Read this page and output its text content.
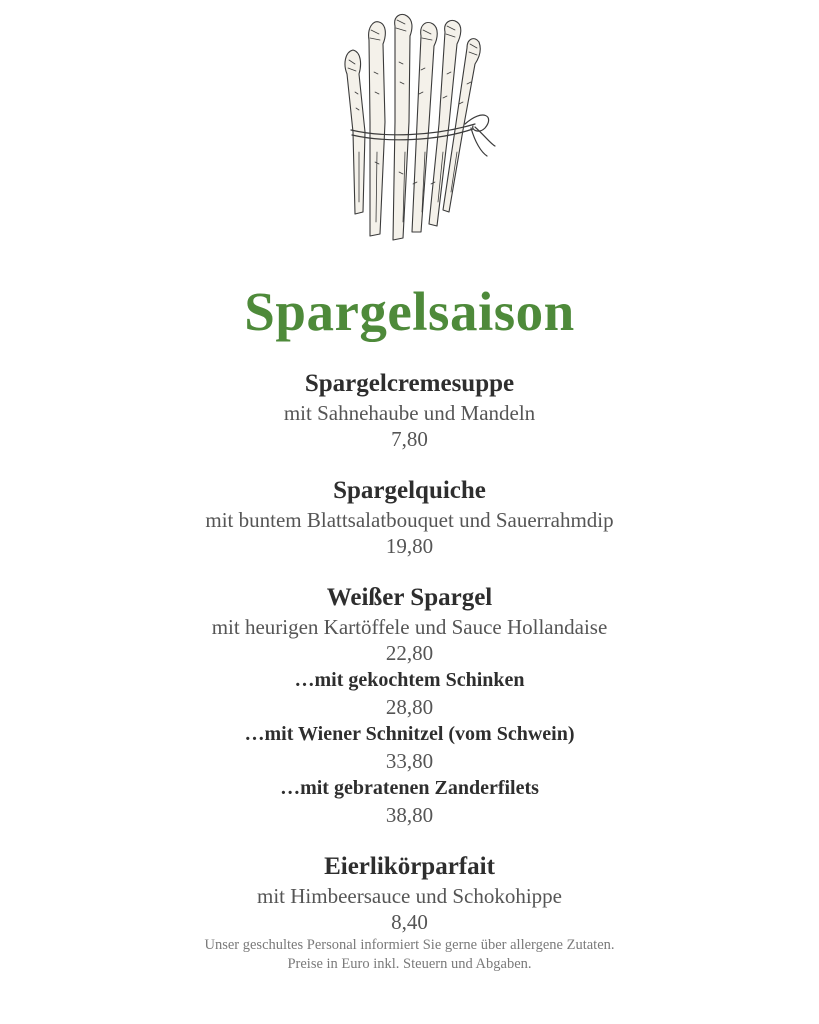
Spargelsaison
Spargelcremesuppe
mit Sahnehaube und Mandeln
7,80
Spargelquiche
mit buntem Blattsalatbouquet und Sauerrahmdip
19,80
Weißer Spargel
mit heurigen Kartöffele und Sauce Hollandaise
22,80
…mit gekochtem Schinken
28,80
…mit Wiener Schnitzel (vom Schwein)
33,80
…mit gebratenen Zanderfilets
38,80
Eierlikörparfait
mit Himbeersauce und Schokohippe
8,40
Unser geschultes Personal informiert Sie gerne über allergene Zutaten.
Preise in Euro inkl. Steuern und Abgaben.
